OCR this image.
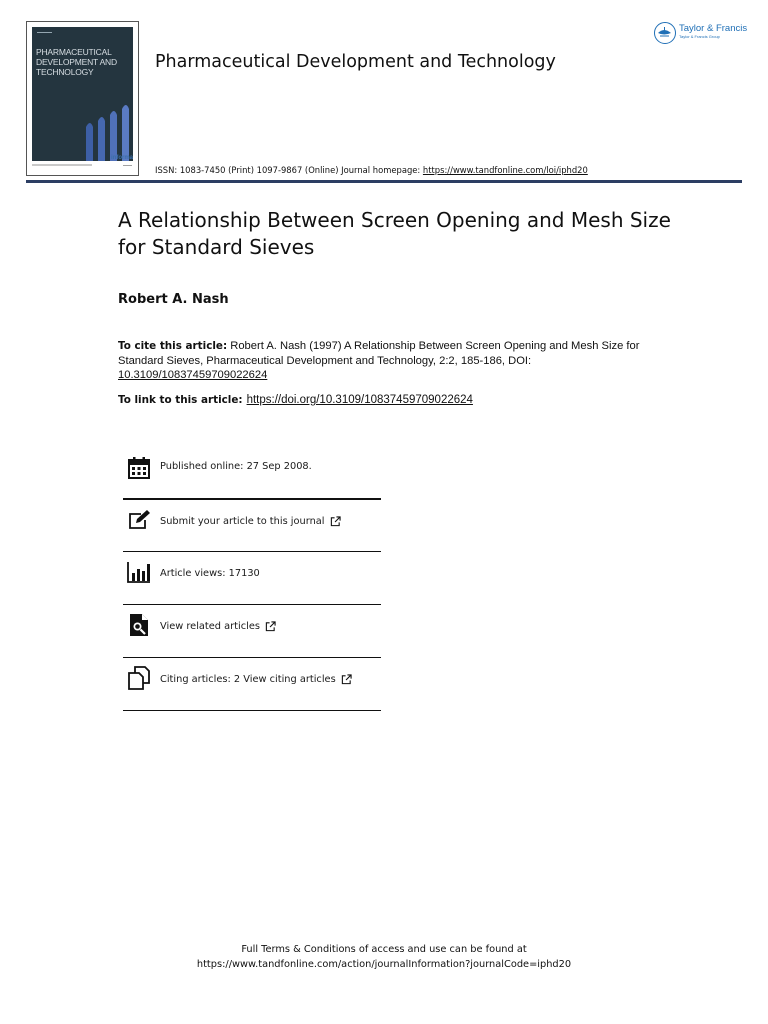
▬▬▬▬▬
PHARMACEUTICAL DEVELOPMENT AND TECHNOLOGY
informa
▬▬▬
Pharmaceutical Development and Technology
Taylor & Francis
Taylor & Francis Group
ISSN: 1083-7450 (Print) 1097-9867 (Online) Journal homepage: https://www.tandfonline.com/loi/iphd20
A Relationship Between Screen Opening and Mesh Size for Standard Sieves
Robert A. Nash
To cite this article: Robert A. Nash (1997) A Relationship Between Screen Opening and Mesh Size for Standard Sieves, Pharmaceutical Development and Technology, 2:2, 185-186, DOI: 10.3109/10837459709022624
To link to this article: https://doi.org/10.3109/10837459709022624
Published online: 27 Sep 2008.
Submit your article to this journal
Article views: 17130
View related articles
Citing articles: 2 View citing articles
Full Terms & Conditions of access and use can be found at
https://www.tandfonline.com/action/journalInformation?journalCode=iphd20
